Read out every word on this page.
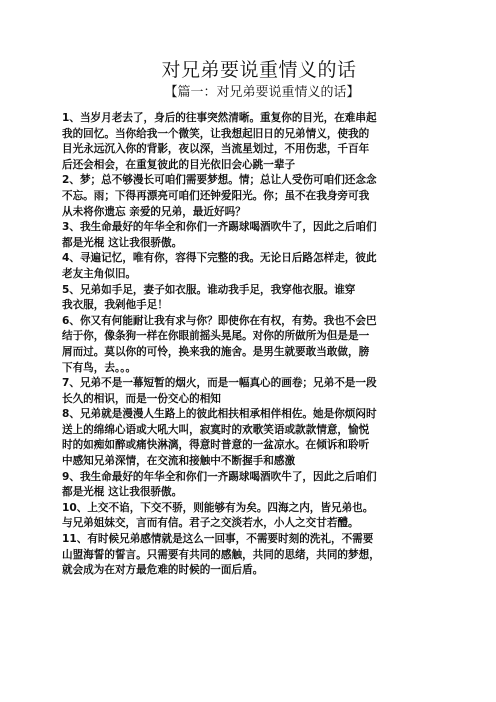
对兄弟要说重情义的话
【篇一：对兄弟要说重情义的话】

1、当岁月老去了，身后的往事突然清晰。重复你的目光，在难串起
我的回忆。当你给我一个微笑，让我想起旧日的兄弟情义，使我的
目光永远沉入你的背影，夜以深，当流星划过，不用伤悲，千百年
后还会相会，在重复彼此的目光依旧会心跳一辈子

2、梦；总不够漫长可咱们需要梦想。情；总让人受伤可咱们还念念
不忘。雨；下得再漂亮可咱们还钟爱阳光。你；虽不在我身旁可我
从未将你遗忘 亲爱的兄弟，最近好吗？

3、我生命最好的年华全和你们一齐踢球喝酒吹牛了，因此之后咱们
都是光棍 这让我很骄傲。

4、寻遍记忆，唯有你，容得下完整的我。无论日后路怎样走，彼此
老友主角似旧。

5、兄弟如手足，妻子如衣服。谁动我手足，我穿他衣服。谁穿
我衣服，我剁他手足！

6、你又有何能耐让我有求与你？即使你在有权，有势。我也不会巴
结于你，像条狗一样在你眼前摇头晃尾。对你的所做所为但是是一
屑而过。莫以你的可怜，换来我的施舍。是男生就要敢当敢做，膀
下有鸟，去。。。

7、兄弟不是一幕短暂的烟火，而是一幅真心的画卷；兄弟不是一段
长久的相识，而是一份交心的相知

8、兄弟就是漫漫人生路上的彼此相扶相承相伴相佐。她是你烦闷时
送上的绵绵心语或大吼大叫，寂寞时的欢歌笑语或款款情意，愉悦
时的如痴如醉或痛快淋漓，得意时普意的一盆凉水。在倾诉和聆听
中感知兄弟深情，在交流和接触中不断握手和感激

9、我生命最好的年华全和你们一齐踢球喝酒吹牛了，因此之后咱们
都是光棍 这让我很骄傲。

10、上交不谄，下交不骄，则能够有为矣。四海之内，皆兄弟也。
与兄弟姐妹交，言而有信。君子之交淡若水，小人之交甘若醴。

11、有时候兄弟感情就是这么一回事，不需要时刻的洗礼，不需要
山盟海誓的誓言。只需要有共同的感触，共同的思绪，共同的梦想，
就会成为在对方最危难的时候的一面后盾。
